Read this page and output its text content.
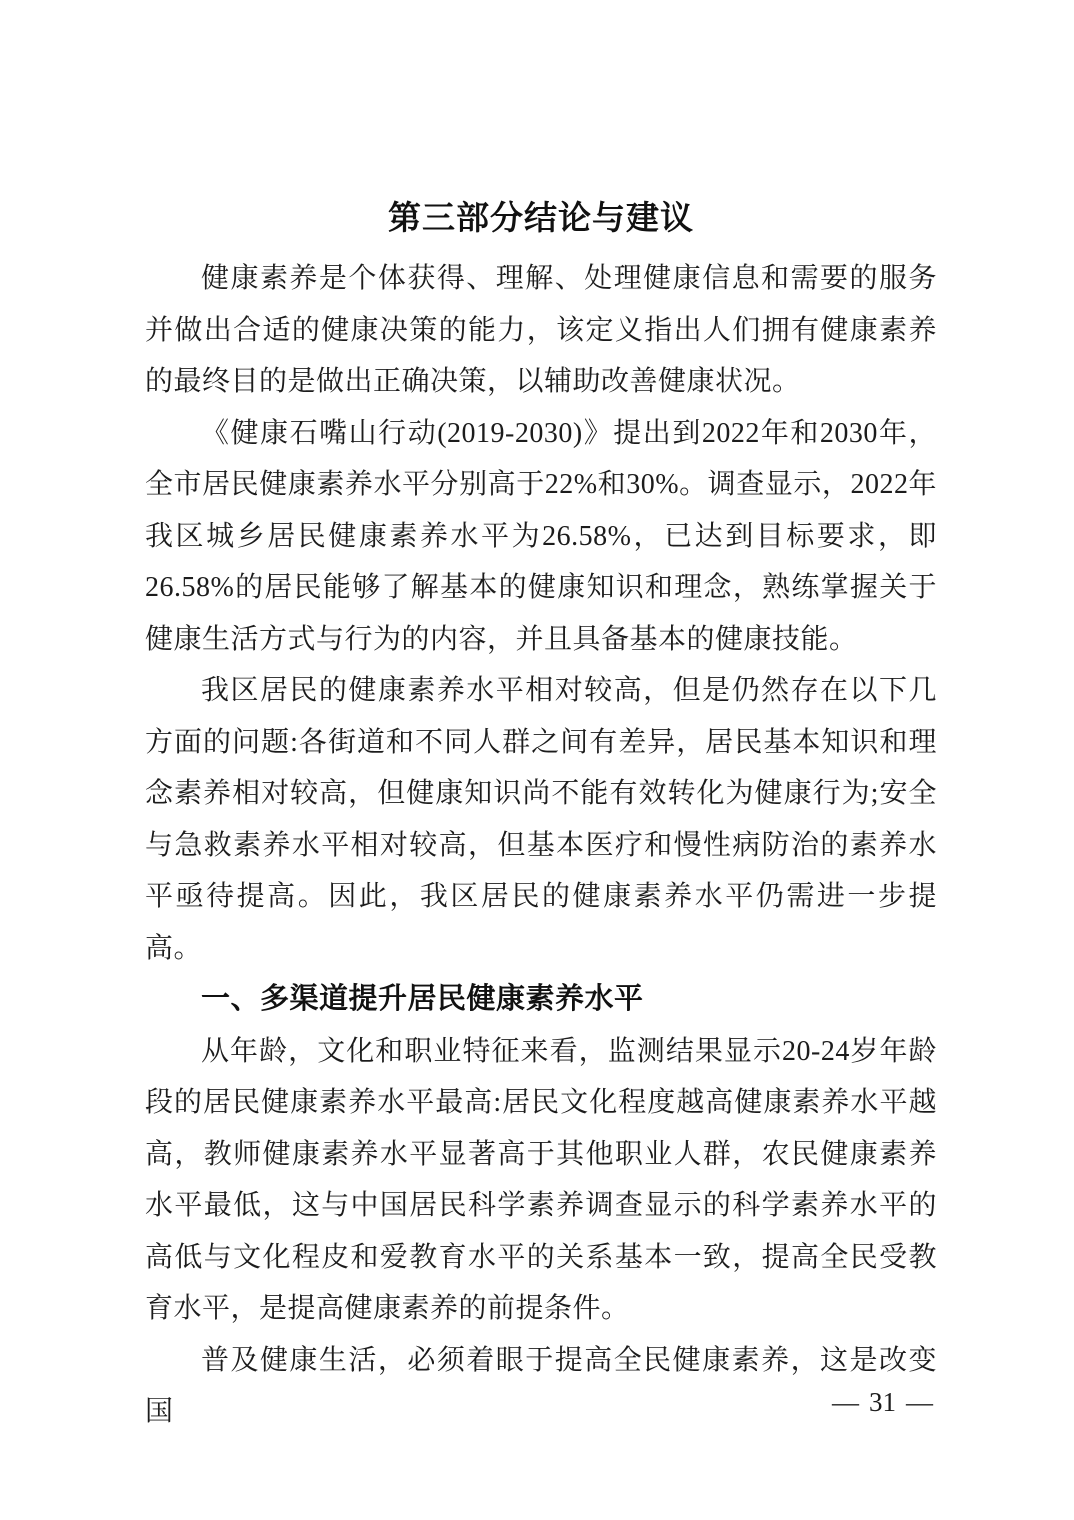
第三部分结论与建议

健康素养是个体获得、理解、处理健康信息和需要的服务并做出合适的健康决策的能力，该定义指出人们拥有健康素养的最终目的是做出正确决策，以辅助改善健康状况。

《健康石嘴山行动(2019-2030)》提出到2022年和2030年，全市居民健康素养水平分别高于22%和30%。调查显示，2022年我区城乡居民健康素养水平为26.58%，已达到目标要求，即26.58%的居民能够了解基本的健康知识和理念，熟练掌握关于健康生活方式与行为的内容，并且具备基本的健康技能。

我区居民的健康素养水平相对较高，但是仍然存在以下几方面的问题:各街道和不同人群之间有差异，居民基本知识和理念素养相对较高，但健康知识尚不能有效转化为健康行为;安全与急救素养水平相对较高，但基本医疗和慢性病防治的素养水平亟待提高。因此，我区居民的健康素养水平仍需进一步提高。

一、多渠道提升居民健康素养水平

从年龄，文化和职业特征来看，监测结果显示20-24岁年龄段的居民健康素养水平最高:居民文化程度越高健康素养水平越高，教师健康素养水平显著高于其他职业人群，农民健康素养水平最低，这与中国居民科学素养调查显示的科学素养水平的高低与文化程皮和爱教育水平的关系基本一致，提高全民受教育水平，是提高健康素养的前提条件。

普及健康生活，必须着眼于提高全民健康素养，这是改变国	— 31 —
